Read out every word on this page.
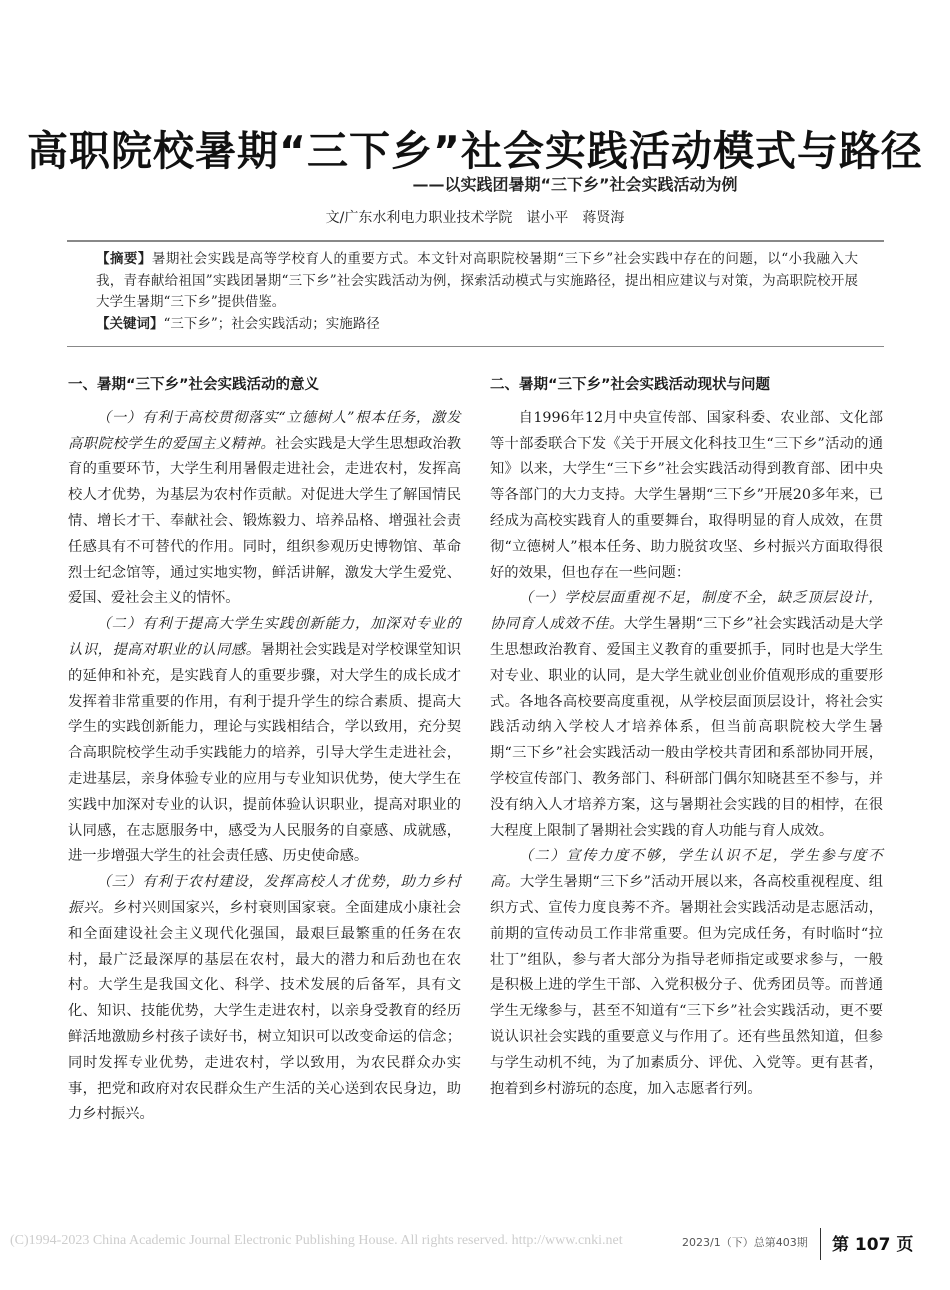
高职院校暑期“三下乡”社会实践活动模式与路径
——以实践团暑期“三下乡”社会实践活动为例
文/广东水利电力职业技术学院　谌小平　蒋贤海

【摘要】暑期社会实践是高等学校育人的重要方式。本文针对高职院校暑期“三下乡”社会实践中存在的问题，以“小我融入大我，青春献给祖国”实践团暑期“三下乡”社会实践活动为例，探索活动模式与实施路径，提出相应建议与对策，为高职院校开展大学生暑期“三下乡”提供借鉴。

【关键词】“三下乡”；社会实践活动；实施路径

一、暑期“三下乡”社会实践活动的意义

（一）有利于高校贯彻落实“立德树人”根本任务，激发高职院校学生的爱国主义精神。社会实践是大学生思想政治教育的重要环节，大学生利用暑假走进社会，走进农村，发挥高校人才优势，为基层为农村作贡献。对促进大学生了解国情民情、增长才干、奉献社会、锻炼毅力、培养品格、增强社会责任感具有不可替代的作用。同时，组织参观历史博物馆、革命烈士纪念馆等，通过实地实物，鲜活讲解，激发大学生爱党、爱国、爱社会主义的情怀。

（二）有利于提高大学生实践创新能力，加深对专业的认识，提高对职业的认同感。暑期社会实践是对学校课堂知识的延伸和补充，是实践育人的重要步骤，对大学生的成长成才发挥着非常重要的作用，有利于提升学生的综合素质、提高大学生的实践创新能力，理论与实践相结合，学以致用，充分契合高职院校学生动手实践能力的培养，引导大学生走进社会，走进基层，亲身体验专业的应用与专业知识优势，使大学生在实践中加深对专业的认识，提前体验认识职业，提高对职业的认同感，在志愿服务中，感受为人民服务的自豪感、成就感，进一步增强大学生的社会责任感、历史使命感。

（三）有利于农村建设，发挥高校人才优势，助力乡村振兴。乡村兴则国家兴，乡村衰则国家衰。全面建成小康社会和全面建设社会主义现代化强国，最艰巨最繁重的任务在农村，最广泛最深厚的基层在农村，最大的潜力和后劲也在农村。大学生是我国文化、科学、技术发展的后备军，具有文化、知识、技能优势，大学生走进农村，以亲身受教育的经历鲜活地激励乡村孩子读好书，树立知识可以改变命运的信念；同时发挥专业优势，走进农村，学以致用，为农民群众办实事，把党和政府对农民群众生产生活的关心送到农民身边，助力乡村振兴。

二、暑期“三下乡”社会实践活动现状与问题

自1996年12月中央宣传部、国家科委、农业部、文化部等十部委联合下发《关于开展文化科技卫生“三下乡”活动的通知》以来，大学生“三下乡”社会实践活动得到教育部、团中央等各部门的大力支持。大学生暑期“三下乡”开展20多年来，已经成为高校实践育人的重要舞台，取得明显的育人成效，在贯彻“立德树人”根本任务、助力脱贫攻坚、乡村振兴方面取得很好的效果，但也存在一些问题：

（一）学校层面重视不足，制度不全，缺乏顶层设计，协同育人成效不佳。大学生暑期“三下乡”社会实践活动是大学生思想政治教育、爱国主义教育的重要抓手，同时也是大学生对专业、职业的认同，是大学生就业创业价值观形成的重要形式。各地各高校要高度重视，从学校层面顶层设计，将社会实践活动纳入学校人才培养体系，但当前高职院校大学生暑期“三下乡”社会实践活动一般由学校共青团和系部协同开展，学校宣传部门、教务部门、科研部门偶尔知晓甚至不参与，并没有纳入人才培养方案，这与暑期社会实践的目的相悖，在很大程度上限制了暑期社会实践的育人功能与育人成效。

（二）宣传力度不够，学生认识不足，学生参与度不高。大学生暑期“三下乡”活动开展以来，各高校重视程度、组织方式、宣传力度良莠不齐。暑期社会实践活动是志愿活动，前期的宣传动员工作非常重要。但为完成任务，有时临时“拉壮丁”组队，参与者大部分为指导老师指定或要求参与，一般是积极上进的学生干部、入党积极分子、优秀团员等。而普通学生无缘参与，甚至不知道有“三下乡”社会实践活动，更不要说认识社会实践的重要意义与作用了。还有些虽然知道，但参与学生动机不纯，为了加素质分、评优、入党等。更有甚者，抱着到乡村游玩的态度，加入志愿者行列。

(C)1994-2023 China Academic Journal Electronic Publishing House. All rights reserved. http://www.cnki.net	2023/1（下）总第403期 第 107 页
